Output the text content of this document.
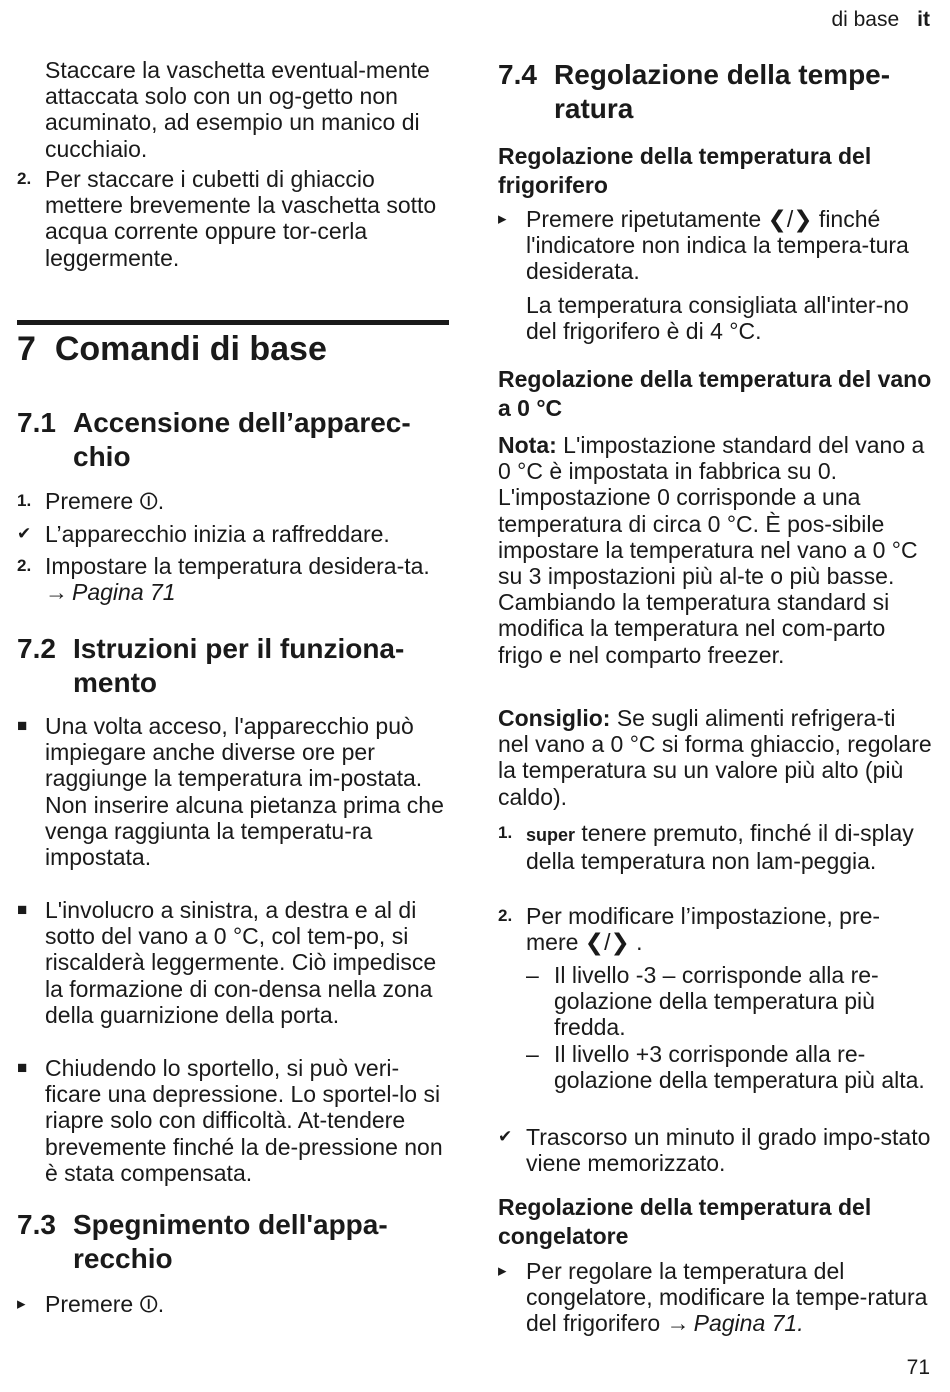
di base it
Staccare la vaschetta eventual-mente attaccata solo con un og-getto non acuminato, ad esempio un manico di cucchiaio.
2. Per staccare i cubetti di ghiaccio mettere brevemente la vaschetta sotto acqua corrente oppure tor-cerla leggermente.
7 Comandi di base
7.1 Accensione dell’apparec-
chio
1. Premere ⏼.
✔ L’apparecchio inizia a raffreddare.
2. Impostare la temperatura desidera-ta. → Pagina 71
7.2 Istruzioni per il funziona-
mento
■ Una volta acceso, l'apparecchio può impiegare anche diverse ore per raggiunge la temperatura im-postata.
Non inserire alcuna pietanza prima che venga raggiunta la temperatu-ra impostata.
■ L'involucro a sinistra, a destra e al di sotto del vano a 0 °C, col tem-po, si riscalderà leggermente. Ciò impedisce la formazione di con-densa nella zona della guarnizione della porta.
■ Chiudendo lo sportello, si può veri-ficare una depressione. Lo sportel-lo si riapre solo con difficoltà. At-tendere brevemente finché la de-pressione non è stata compensata.
7.3 Spegnimento dell'appa-
recchio
▸ Premere ⏼.
7.4 Regolazione della tempe-
ratura
Regolazione della temperatura del frigorifero
▸ Premere ripetutamente ❮/❯ finché l'indicatore non indica la tempera-tura desiderata.
La temperatura consigliata all'inter-no del frigorifero è di 4 °C.
Regolazione della temperatura del vano a 0 °C
Nota: L'impostazione standard del vano a 0 °C è impostata in fabbrica su 0. L'impostazione 0 corrisponde a una temperatura di circa 0 °C. È pos-sibile impostare la temperatura nel vano a 0 °C su 3 impostazioni più al-te o più basse.
Cambiando la temperatura standard si modifica la temperatura nel com-parto frigo e nel comparto freezer.
Consiglio: Se sugli alimenti refrigera-ti nel vano a 0 °C si forma ghiaccio, regolare la temperatura su un valore più alto (più caldo).
1. super tenere premuto, finché il di-splay della temperatura non lam-peggia.
2. Per modificare l’impostazione, pre-mere ❮/❯ .
– Il livello -3 – corrisponde alla re-golazione della temperatura più fredda.
– Il livello +3 corrisponde alla re-golazione della temperatura più alta.
✔ Trascorso un minuto il grado impo-stato viene memorizzato.
Regolazione della temperatura del congelatore
▸ Per regolare la temperatura del congelatore, modificare la tempe-ratura del frigorifero → Pagina 71.
71
